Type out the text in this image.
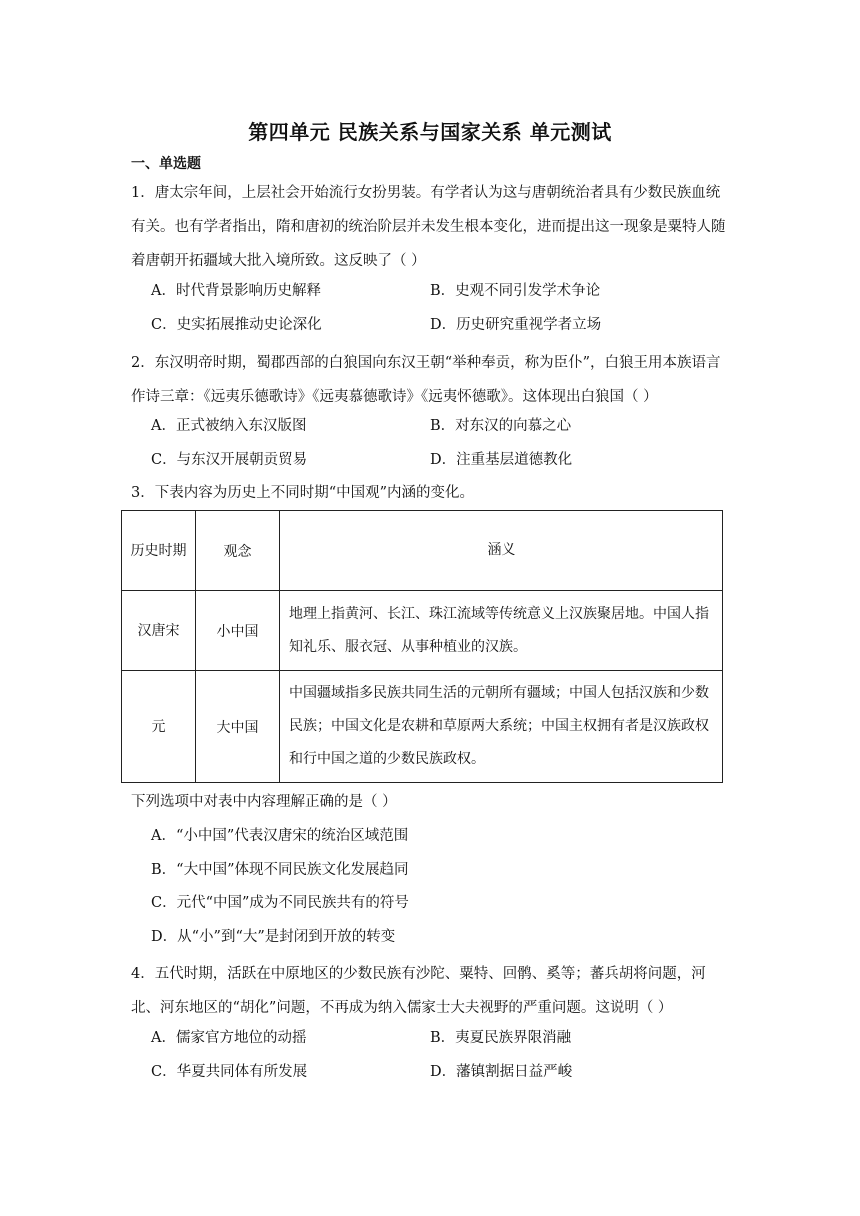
第四单元 民族关系与国家关系 单元测试
一、单选题
1．唐太宗年间，上层社会开始流行女扮男装。有学者认为这与唐朝统治者具有少数民族血统有关。也有学者指出，隋和唐初的统治阶层并未发生根本变化，进而提出这一现象是粟特人随着唐朝开拓疆域大批入境所致。这反映了（ ）
A．时代背景影响历史解释	B．史观不同引发学术争论
C．史实拓展推动史论深化	D．历史研究重视学者立场
2．东汉明帝时期，蜀郡西部的白狼国向东汉王朝“举种奉贡，称为臣仆”，白狼王用本族语言作诗三章：《远夷乐德歌诗》《远夷慕德歌诗》《远夷怀德歌》。这体现出白狼国（ ）
A．正式被纳入东汉版图	B．对东汉的向慕之心
C．与东汉开展朝贡贸易	D．注重基层道德教化
3．下表内容为历史上不同时期“中国观”内涵的变化。
历史时期	观念	涵义
汉唐宋	小中国	地理上指黄河、长江、珠江流域等传统意义上汉族聚居地。中国人指知礼乐、服衣冠、从事种植业的汉族。
元	大中国	中国疆域指多民族共同生活的元朝所有疆域；中国人包括汉族和少数民族；中国文化是农耕和草原两大系统；中国主权拥有者是汉族政权和行中国之道的少数民族政权。
下列选项中对表中内容理解正确的是（ ）
A．“小中国”代表汉唐宋的统治区域范围
B．“大中国”体现不同民族文化发展趋同
C．元代“中国”成为不同民族共有的符号
D．从“小”到“大”是封闭到开放的转变
4．五代时期，活跃在中原地区的少数民族有沙陀、粟特、回鹘、奚等；蕃兵胡将问题，河北、河东地区的“胡化”问题，不再成为纳入儒家士大夫视野的严重问题。这说明（ ）
A．儒家官方地位的动摇	B．夷夏民族界限消融
C．华夏共同体有所发展	D．藩镇割据日益严峻
